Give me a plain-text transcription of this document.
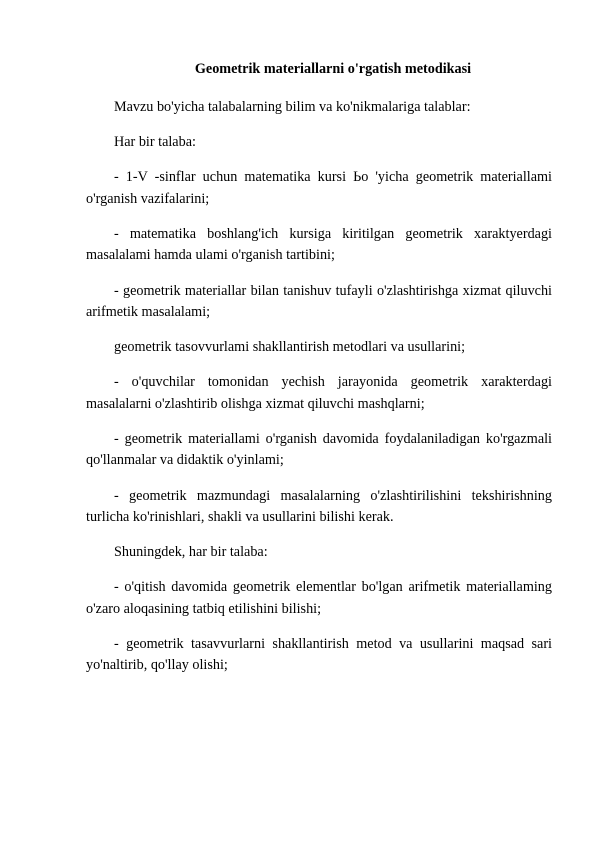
Geometrik materiallarni o'rgatish metodikasi

Mavzu bo'yicha talabalarning bilim va ko'nikmalariga talablar:

Har bir talaba:

- 1-V -sinflar uchun matematika kursi Ьо 'yicha geometrik materiallami o'rganish vazifalarini;

- matematika boshlang'ich kursiga kiritilgan geometrik xaraktyerdagi masalalami hamda ulami o'rganish tartibini;

- geometrik materiallar bilan tanishuv tufayli o'zlashtirishga xizmat qiluvchi arifmetik masalalami;

geometrik tasovvurlami shakllantirish metodlari va usullarini;

- o'quvchilar tomonidan yechish jarayonida geometrik xarakterdagi masalalarni o'zlashtirib olishga xizmat qiluvchi mashqlarni;

- geometrik materiallami o'rganish davomida foydalaniladigan ko'rgazmali qo'llanmalar va didaktik o'yinlami;

- geometrik mazmundagi masalalarning o'zlashtirilishini tekshirishning turlicha ko'rinishlari, shakli va usullarini bilishi kerak.

Shuningdek, har bir talaba:

- o'qitish davomida geometrik elementlar bo'lgan arifmetik materiallaming o'zaro aloqasining tatbiq etilishini bilishi;

- geometrik tasavvurlarni shakllantirish metod va usullarini maqsad sari yo'naltirib, qo'llay olishi;
